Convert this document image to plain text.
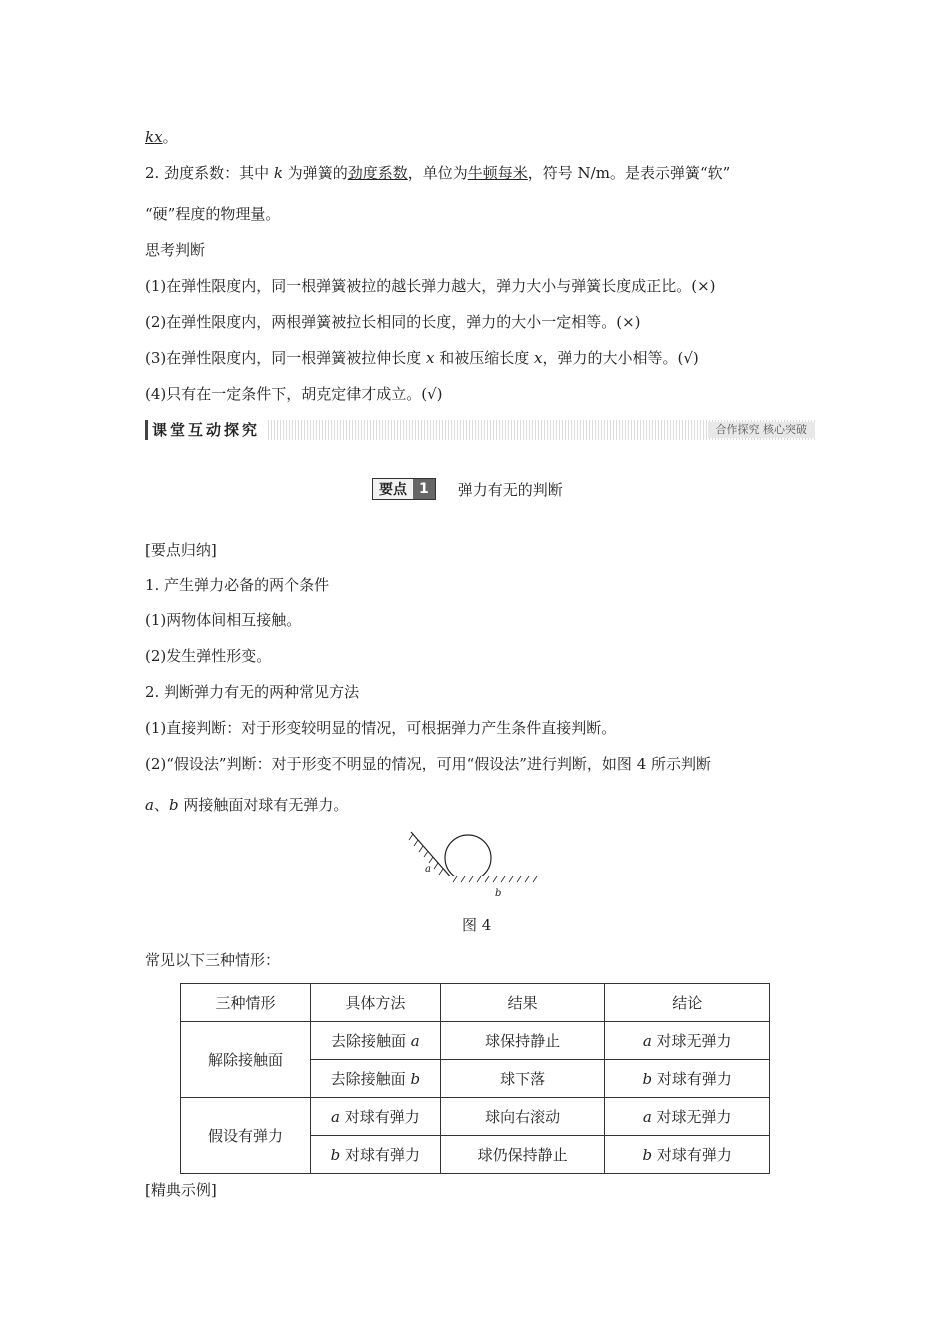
kx。
2. 劲度系数：其中 k 为弹簧的劲度系数，单位为牛顿每米，符号 N/m。是表示弹簧“软”
“硬”程度的物理量。
思考判断
(1)在弹性限度内，同一根弹簧被拉的越长弹力越大，弹力大小与弹簧长度成正比。(×)
(2)在弹性限度内，两根弹簧被拉长相同的长度，弹力的大小一定相等。(×)
(3)在弹性限度内，同一根弹簧被拉伸长度 x 和被压缩长度 x，弹力的大小相等。(√)
(4)只有在一定条件下，胡克定律才成立。(√)
课堂互动探究	合作探究 核心突破
要点 1	弹力有无的判断
[要点归纳]
1. 产生弹力必备的两个条件
(1)两物体间相互接触。
(2)发生弹性形变。
2. 判断弹力有无的两种常见方法
(1)直接判断：对于形变较明显的情况，可根据弹力产生条件直接判断。
(2)“假设法”判断：对于形变不明显的情况，可用“假设法”进行判断，如图 4 所示判断
a、b 两接触面对球有无弹力。
a
b
图 4
常见以下三种情形：
三种情形	具体方法	结果	结论
解除接触面	去除接触面 a	球保持静止	a 对球无弹力
	去除接触面 b	球下落	b 对球有弹力
假设有弹力	a 对球有弹力	球向右滚动	a 对球无弹力
	b 对球有弹力	球仍保持静止	b 对球有弹力
[精典示例]
